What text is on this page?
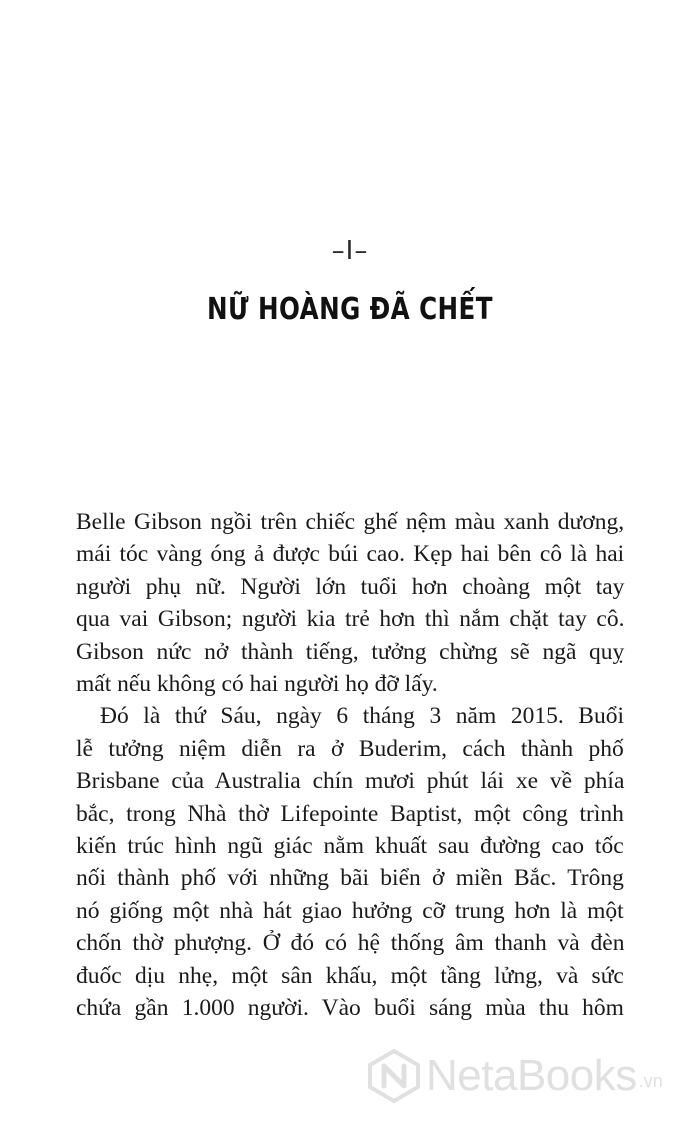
–I–
NỮ HOÀNG ĐÃ CHẾT

Belle Gibson ngồi trên chiếc ghế nệm màu xanh dương,
mái tóc vàng óng ả được búi cao. Kẹp hai bên cô là hai
người phụ nữ. Người lớn tuổi hơn choàng một tay
qua vai Gibson; người kia trẻ hơn thì nắm chặt tay cô.
Gibson nức nở thành tiếng, tưởng chừng sẽ ngã quỵ
mất nếu không có hai người họ đỡ lấy.

Đó là thứ Sáu, ngày 6 tháng 3 năm 2015. Buổi
lễ tưởng niệm diễn ra ở Buderim, cách thành phố
Brisbane của Australia chín mươi phút lái xe về phía
bắc, trong Nhà thờ Lifepointe Baptist, một công trình
kiến trúc hình ngũ giác nằm khuất sau đường cao tốc
nối thành phố với những bãi biển ở miền Bắc. Trông
nó giống một nhà hát giao hưởng cỡ trung hơn là một
chốn thờ phượng. Ở đó có hệ thống âm thanh và đèn
đuốc dịu nhẹ, một sân khấu, một tầng lửng, và sức
chứa gần 1.000 người. Vào buổi sáng mùa thu hôm

NetaBooks .vn
